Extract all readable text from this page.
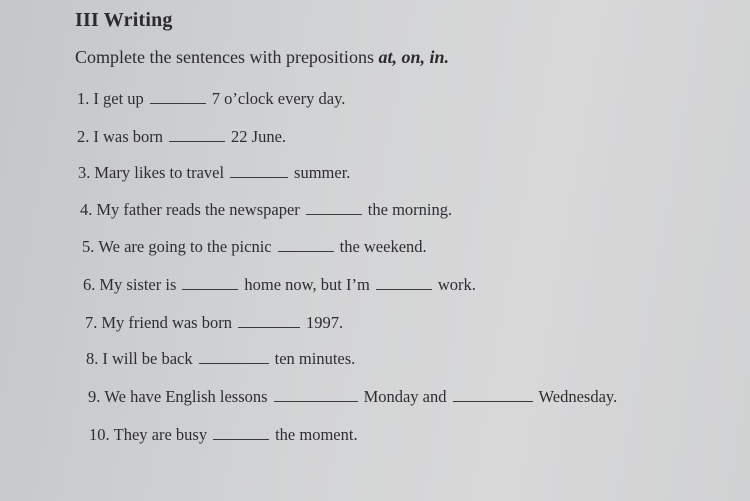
III Writing
Complete the sentences with prepositions at, on, in.
1. I get up	7 o’clock every day.
2. I was born	22 June.
3. Mary likes to travel	summer.
4. My father reads the newspaper	the morning.
5. We are going to the picnic	the weekend.
6. My sister is	home now, but I’m	work.
7. My friend was born	1997.
8. I will be back	ten minutes.
9. We have English lessons	Monday and	Wednesday.
10. They are busy	the moment.
